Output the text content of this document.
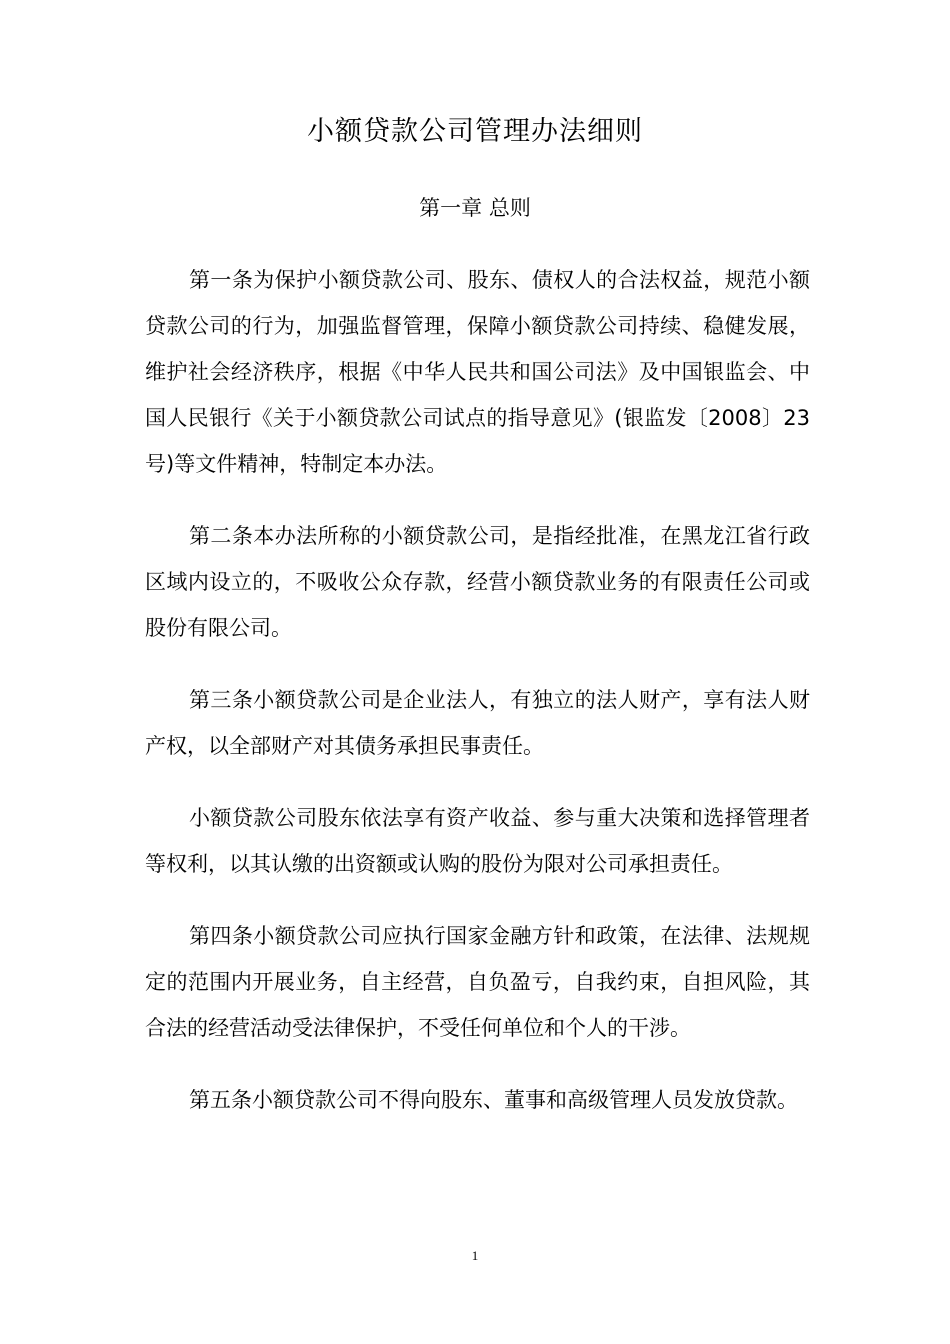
小额贷款公司管理办法细则
第一章 总则

第一条为保护小额贷款公司、股东、债权人的合法权益，规范小额贷款公司的行为，加强监督管理，保障小额贷款公司持续、稳健发展，维护社会经济秩序，根据《中华人民共和国公司法》及中国银监会、中国人民银行《关于小额贷款公司试点的指导意见》(银监发〔2008〕23号)等文件精神，特制定本办法。

第二条本办法所称的小额贷款公司，是指经批准，在黑龙江省行政区域内设立的，不吸收公众存款，经营小额贷款业务的有限责任公司或股份有限公司。

第三条小额贷款公司是企业法人，有独立的法人财产，享有法人财产权，以全部财产对其债务承担民事责任。

小额贷款公司股东依法享有资产收益、参与重大决策和选择管理者等权利，以其认缴的出资额或认购的股份为限对公司承担责任。

第四条小额贷款公司应执行国家金融方针和政策，在法律、法规规定的范围内开展业务，自主经营，自负盈亏，自我约束，自担风险，其合法的经营活动受法律保护，不受任何单位和个人的干涉。

第五条小额贷款公司不得向股东、董事和高级管理人员发放贷款。

1
